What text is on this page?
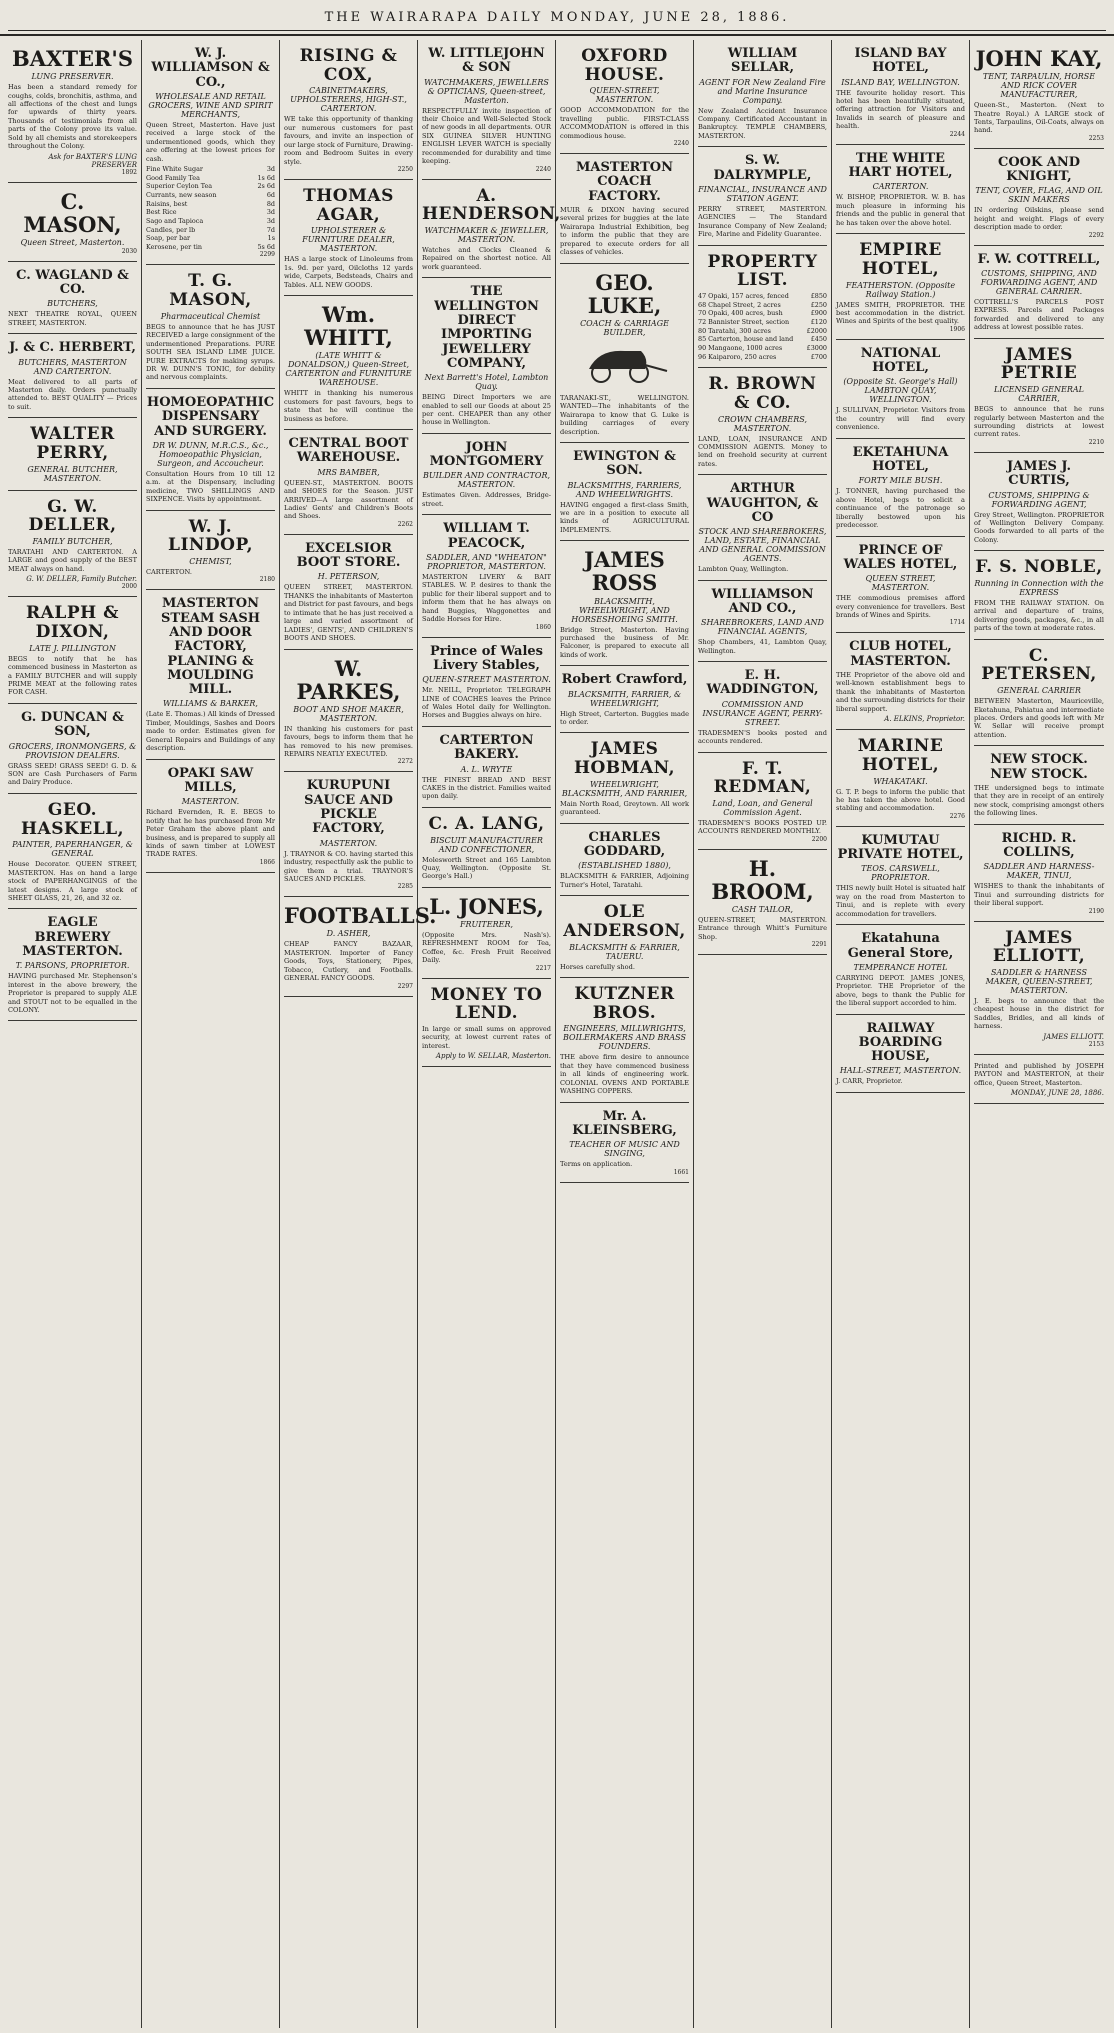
THE WAIRARAPA DAILY MONDAY, JUNE 28, 1886.
BAXTER'S
LUNG PRESERVER.

Has been a standard remedy for coughs, colds, bronchitis, asthma, and all affections of the chest and lungs for upwards of thirty years. Thousands of testimonials from all parts of the Colony prove its value. Sold by all chemists and storekeepers throughout the Colony.

Ask for BAXTER'S LUNG PRESERVER
1892
C. MASON,
Queen Street, Masterton.
2030
C. WAGLAND & CO.
BUTCHERS,

NEXT THEATRE ROYAL, QUEEN STREET, MASTERTON.

J. & C. HERBERT,
BUTCHERS, MASTERTON AND CARTERTON.

Meat delivered to all parts of Masterton daily. Orders punctually attended to. BEST QUALITY — Prices to suit.

WALTER PERRY,
GENERAL BUTCHER, MASTERTON.
G. W. DELLER,
FAMILY BUTCHER,

TARATAHI AND CARTERTON. A LARGE and good supply of the BEST MEAT always on hand.

G. W. DELLER, Family Butcher.
2000
RALPH & DIXON,
LATE J. PILLINGTON

BEGS to notify that he has commenced business in Masterton as a FAMILY BUTCHER and will supply PRIME MEAT at the following rates FOR CASH.

G. DUNCAN & SON,
GROCERS, IRONMONGERS, & PROVISION DEALERS.

GRASS SEED! GRASS SEED! G. D. & SON are Cash Purchasers of Farm and Dairy Produce.

GEO. HASKELL,
PAINTER, PAPERHANGER, & GENERAL

House Decorator. QUEEN STREET, MASTERTON. Has on hand a large stock of PAPERHANGINGS of the latest designs. A large stock of SHEET GLASS, 21, 26, and 32 oz.

EAGLE BREWERY MASTERTON.
T. PARSONS, PROPRIETOR.

HAVING purchased Mr. Stephenson's interest in the above brewery, the Proprietor is prepared to supply ALE and STOUT not to be equalled in the COLONY.

W. J. WILLIAMSON & CO.,
WHOLESALE AND RETAIL GROCERS, WINE AND SPIRIT MERCHANTS,

Queen Street, Masterton. Have just received a large stock of the undermentioned goods, which they are offering at the lowest prices for cash.

Fine White Sugar	3d
Good Family Tea	1s 6d
Superior Ceylon Tea	2s 6d
Currants, new season	6d
Raisins, best	8d
Best Rice	3d
Sago and Tapioca	3d
Candles, per lb	7d
Soap, per bar	1s
Kerosene, per tin	5s 6d
2299
T. G. MASON,
Pharmaceutical Chemist

BEGS to announce that he has JUST RECEIVED a large consignment of the undermentioned Preparations. PURE SOUTH SEA ISLAND LIME JUICE. PURE EXTRACTS for making syrups. DR W. DUNN'S TONIC, for debility and nervous complaints.

HOMOEOPATHIC DISPENSARY AND SURGERY.
DR W. DUNN, M.R.C.S., &c., Homoeopathic Physician, Surgeon, and Accoucheur.

Consultation Hours from 10 till 12 a.m. at the Dispensary, including medicine, TWO SHILLINGS AND SIXPENCE. Visits by appointment.

W. J. LINDOP,
CHEMIST,

CARTERTON.

2180
MASTERTON STEAM SASH AND DOOR FACTORY, PLANING & MOULDING MILL.
WILLIAMS & BARKER,

(Late E. Thomas.) All kinds of Dressed Timber, Mouldings, Sashes and Doors made to order. Estimates given for General Repairs and Buildings of any description.

OPAKI SAW MILLS,
MASTERTON.

Richard Evernden, R. E. BEGS to notify that he has purchased from Mr Peter Graham the above plant and business, and is prepared to supply all kinds of sawn timber at LOWEST TRADE RATES.

1866
RISING & COX,
CABINETMAKERS, UPHOLSTERERS, HIGH-ST., CARTERTON.

WE take this opportunity of thanking our numerous customers for past favours, and invite an inspection of our large stock of Furniture, Drawing-room and Bedroom Suites in every style.

2250
THOMAS AGAR,
UPHOLSTERER & FURNITURE DEALER, MASTERTON.

HAS a large stock of Linoleums from 1s. 9d. per yard, Oilcloths 12 yards wide, Carpets, Bedsteads, Chairs and Tables. ALL NEW GOODS.

Wm. WHITT,
(LATE WHITT & DONALDSON,) Queen-Street, CARTERTON and FURNITURE WAREHOUSE.

WHITT in thanking his numerous customers for past favours, begs to state that he will continue the business as before.

CENTRAL BOOT WAREHOUSE.
MRS BAMBER,

QUEEN-ST., MASTERTON. BOOTS and SHOES for the Season. JUST ARRIVED—A large assortment of Ladies' Gents' and Children's Boots and Shoes.

2262
EXCELSIOR BOOT STORE.
H. PETERSON,

QUEEN STREET, MASTERTON. THANKS the inhabitants of Masterton and District for past favours, and begs to intimate that he has just received a large and varied assortment of LADIES', GENTS', AND CHILDREN'S BOOTS AND SHOES.

W. PARKES,
BOOT AND SHOE MAKER, MASTERTON.

IN thanking his customers for past favours, begs to inform them that he has removed to his new premises. REPAIRS NEATLY EXECUTED.

2272
KURUPUNI SAUCE AND PICKLE FACTORY,
MASTERTON.

J. TRAYNOR & CO. having started this industry, respectfully ask the public to give them a trial. TRAYNOR'S SAUCES AND PICKLES.

2285
FOOTBALLS.
D. ASHER,

CHEAP FANCY BAZAAR, MASTERTON. Importer of Fancy Goods, Toys, Stationery, Pipes, Tobacco, Cutlery, and Footballs. GENERAL FANCY GOODS.

2297
W. LITTLEJOHN & SON
WATCHMAKERS, JEWELLERS & OPTICIANS, Queen-street, Masterton.

RESPECTFULLY invite inspection of their Choice and Well-Selected Stock of new goods in all departments. OUR SIX GUINEA SILVER HUNTING ENGLISH LEVER WATCH is specially recommended for durability and time keeping.

2240
A. HENDERSON,
WATCHMAKER & JEWELLER, MASTERTON.

Watches and Clocks Cleaned & Repaired on the shortest notice. All work guaranteed.

THE WELLINGTON DIRECT IMPORTING JEWELLERY COMPANY,
Next Barrett's Hotel, Lambton Quay.

BEING Direct Importers we are enabled to sell our Goods at about 25 per cent. CHEAPER than any other house in Wellington.

JOHN MONTGOMERY
BUILDER AND CONTRACTOR, MASTERTON.

Estimates Given. Addresses, Bridge-street.

WILLIAM T. PEACOCK,
SADDLER, AND "WHEATON" PROPRIETOR, MASTERTON.

MASTERTON LIVERY & BAIT STABLES. W. P. desires to thank the public for their liberal support and to inform them that he has always on hand Buggies, Waggonettes and Saddle Horses for Hire.

1860
Prince of Wales Livery Stables,
QUEEN-STREET MASTERTON.

Mr. NEILL, Proprietor. TELEGRAPH LINE of COACHES leaves the Prince of Wales Hotel daily for Wellington. Horses and Buggies always on hire.

CARTERTON BAKERY.
A. L. WRYTE

THE FINEST BREAD AND BEST CAKES in the district. Families waited upon daily.

C. A. LANG,
BISCUIT MANUFACTURER AND CONFECTIONER,

Molesworth Street and 165 Lambton Quay, Wellington. (Opposite St. George's Hall.)

L. JONES,
FRUITERER,

(Opposite Mrs. Nash's). REFRESHMENT ROOM for Tea, Coffee, &c. Fresh Fruit Received Daily.

2217
MONEY TO LEND.

In large or small sums on approved security, at lowest current rates of interest.

Apply to W. SELLAR, Masterton.
OXFORD HOUSE.
QUEEN-STREET, MASTERTON.

GOOD ACCOMMODATION for the travelling public. FIRST-CLASS ACCOMMODATION is offered in this commodious house.

2240
MASTERTON COACH FACTORY.

MUIR & DIXON having secured several prizes for buggies at the late Wairarapa Industrial Exhibition, beg to inform the public that they are prepared to execute orders for all classes of vehicles.

GEO. LUKE,
COACH & CARRIAGE BUILDER,

TARANAKI-ST., WELLINGTON. WANTED—The inhabitants of the Wairarapa to know that G. Luke is building carriages of every description.

EWINGTON & SON.
BLACKSMITHS, FARRIERS, AND WHEELWRIGHTS.

HAVING engaged a first-class Smith, we are in a position to execute all kinds of AGRICULTURAL IMPLEMENTS.

JAMES ROSS
BLACKSMITH, WHEELWRIGHT, AND HORSESHOEING SMITH.

Bridge Street, Masterton. Having purchased the business of Mr. Falconer, is prepared to execute all kinds of work.

Robert Crawford,
BLACKSMITH, FARRIER, & WHEELWRIGHT,

High Street, Carterton. Buggies made to order.

JAMES HOBMAN,
WHEELWRIGHT, BLACKSMITH, AND FARRIER,

Main North Road, Greytown. All work guaranteed.

CHARLES GODDARD,
(ESTABLISHED 1880),

BLACKSMITH & FARRIER, Adjoining Turner's Hotel, Taratahi.

OLE ANDERSON,
BLACKSMITH & FARRIER, TAUERU.

Horses carefully shod.

KUTZNER BROS.
ENGINEERS, MILLWRIGHTS, BOILERMAKERS AND BRASS FOUNDERS.

THE above firm desire to announce that they have commenced business in all kinds of engineering work. COLONIAL OVENS AND PORTABLE WASHING COPPERS.

Mr. A. KLEINSBERG,
TEACHER OF MUSIC AND SINGING,

Terms on application.

1661
WILLIAM SELLAR,
AGENT FOR New Zealand Fire and Marine Insurance Company.

New Zealand Accident Insurance Company. Certificated Accountant in Bankruptcy. TEMPLE CHAMBERS, MASTERTON.

S. W. DALRYMPLE,
FINANCIAL, INSURANCE AND STATION AGENT.

PERRY STREET, MASTERTON. AGENCIES — The Standard Insurance Company of New Zealand; Fire, Marine and Fidelity Guarantee.

PROPERTY LIST.
47 Opaki, 157 acres, fenced	£850
68 Chapel Street, 2 acres	£250
70 Opaki, 400 acres, bush	£900
72 Bannister Street, section	£120
80 Taratahi, 300 acres	£2000
85 Carterton, house and land	£450
90 Mangaone, 1000 acres	£3000
96 Kaiparoro, 250 acres	£700
R. BROWN & CO.
CROWN CHAMBERS, MASTERTON.

LAND, LOAN, INSURANCE AND COMMISSION AGENTS. Money to lend on freehold security at current rates.

ARTHUR WAUGHTON, & CO
STOCK AND SHAREBROKERS, LAND, ESTATE, FINANCIAL AND GENERAL COMMISSION AGENTS.

Lambton Quay, Wellington.

WILLIAMSON AND CO.,
SHAREBROKERS, LAND AND FINANCIAL AGENTS,

Shop Chambers, 41, Lambton Quay, Wellington.

E. H. WADDINGTON,
COMMISSION AND INSURANCE AGENT, PERRY-STREET.

TRADESMEN'S books posted and accounts rendered.

F. T. REDMAN,
Land, Loan, and General Commission Agent.

TRADESMEN'S BOOKS POSTED UP. ACCOUNTS RENDERED MONTHLY.

2200
H. BROOM,
CASH TAILOR,

QUEEN-STREET, MASTERTON. Entrance through Whitt's Furniture Shop.

2291
ISLAND BAY HOTEL,
ISLAND BAY, WELLINGTON.

THE favourite holiday resort. This hotel has been beautifully situated, offering attraction for Visitors and Invalids in search of pleasure and health.

2244
THE WHITE HART HOTEL,
CARTERTON.

W. BISHOP, PROPRIETOR. W. B. has much pleasure in informing his friends and the public in general that he has taken over the above hotel.

EMPIRE HOTEL,
FEATHERSTON. (Opposite Railway Station.)

JAMES SMITH, PROPRIETOR. THE best accommodation in the district. Wines and Spirits of the best quality.

1906
NATIONAL HOTEL,
(Opposite St. George's Hall) LAMBTON QUAY, WELLINGTON.

J. SULLIVAN, Proprietor. Visitors from the country will find every convenience.

EKETAHUNA HOTEL,
FORTY MILE BUSH.

J. TONNER, having purchased the above Hotel, begs to solicit a continuance of the patronage so liberally bestowed upon his predecessor.

PRINCE OF WALES HOTEL,
QUEEN STREET, MASTERTON.

THE commodious premises afford every convenience for travellers. Best brands of Wines and Spirits.

1714
CLUB HOTEL, MASTERTON.

THE Proprietor of the above old and well-known establishment begs to thank the inhabitants of Masterton and the surrounding districts for their liberal support.

A. ELKINS, Proprietor.
MARINE HOTEL,
WHAKATAKI.

G. T. P. begs to inform the public that he has taken the above hotel. Good stabling and accommodation.

2276
KUMUTAU PRIVATE HOTEL,
TEOS. CARSWELL, PROPRIETOR.

THIS newly built Hotel is situated half way on the road from Masterton to Tinui, and is replete with every accommodation for travellers.

Ekatahuna General Store,
TEMPERANCE HOTEL

CARRYING DEPOT. JAMES JONES, Proprietor. THE Proprietor of the above, begs to thank the Public for the liberal support accorded to him.

RAILWAY BOARDING HOUSE,
HALL-STREET, MASTERTON.

J. CARR, Proprietor.

JOHN KAY,
TENT, TARPAULIN, HORSE AND RICK COVER MANUFACTURER,

Queen-St., Masterton. (Next to Theatre Royal.) A LARGE stock of Tents, Tarpaulins, Oil-Coats, always on hand.

2253
COOK AND KNIGHT,
TENT, COVER, FLAG, AND OIL SKIN MAKERS

IN ordering Oilskins, please send height and weight. Flags of every description made to order.

2292
F. W. COTTRELL,
CUSTOMS, SHIPPING, AND FORWARDING AGENT, AND GENERAL CARRIER.

COTTRELL'S PARCELS POST EXPRESS. Parcels and Packages forwarded and delivered to any address at lowest possible rates.

JAMES PETRIE
LICENSED GENERAL CARRIER,

BEGS to announce that he runs regularly between Masterton and the surrounding districts at lowest current rates.

2210
JAMES J. CURTIS,
CUSTOMS, SHIPPING & FORWARDING AGENT,

Grey Street, Wellington. PROPRIETOR of Wellington Delivery Company. Goods forwarded to all parts of the Colony.

F. S. NOBLE,
Running in Connection with the EXPRESS

FROM THE RAILWAY STATION. On arrival and departure of trains, delivering goods, packages, &c., in all parts of the town at moderate rates.

C. PETERSEN,
GENERAL CARRIER

BETWEEN Masterton, Mauriceville, Eketahuna, Pahiatua and intermediate places. Orders and goods left with Mr W. Sellar will receive prompt attention.

NEW STOCK. NEW STOCK.

THE undersigned begs to intimate that they are in receipt of an entirely new stock, comprising amongst others the following lines.

RICHD. R. COLLINS,
SADDLER AND HARNESS-MAKER, TINUI,

WISHES to thank the inhabitants of Tinui and surrounding districts for their liberal support.

2190
JAMES ELLIOTT,
SADDLER & HARNESS MAKER, QUEEN-STREET, MASTERTON.

J. E. begs to announce that the cheapest house in the district for Saddles, Bridles, and all kinds of harness.

JAMES ELLIOTT.
2153

Printed and published by JOSEPH PAYTON and MASTERTON, at their office, Queen Street, Masterton.

MONDAY, JUNE 28, 1886.
